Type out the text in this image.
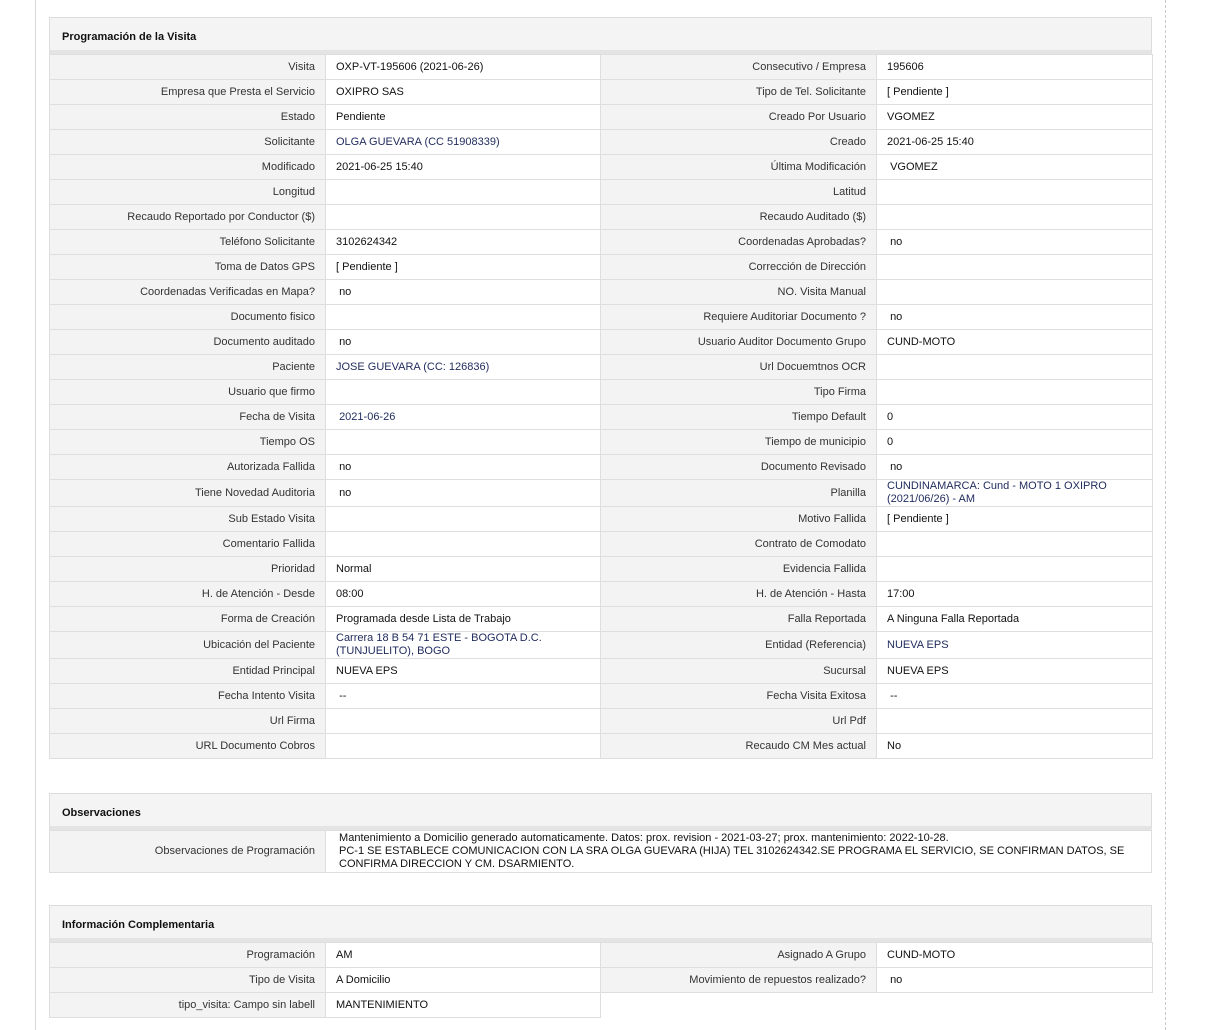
Programación de la Visita
Visita	OXP-VT-195606 (2021-06-26)	Consecutivo / Empresa	195606
Empresa que Presta el Servicio	OXIPRO SAS	Tipo de Tel. Solicitante	[ Pendiente ]
Estado	Pendiente	Creado Por Usuario	VGOMEZ
Solicitante	OLGA GUEVARA (CC 51908339)	Creado	2021-06-25 15:40
Modificado	2021-06-25 15:40	Última Modificación	VGOMEZ
Longitud		Latitud	
Recaudo Reportado por Conductor ($)		Recaudo Auditado ($)	
Teléfono Solicitante	3102624342	Coordenadas Aprobadas?	no
Toma de Datos GPS	[ Pendiente ]	Corrección de Dirección	
Coordenadas Verificadas en Mapa?	no	NO. Visita Manual	
Documento fisico		Requiere Auditoriar Documento ?	no
Documento auditado	no	Usuario Auditor Documento Grupo	CUND-MOTO
Paciente	JOSE GUEVARA (CC: 126836)	Url Docuemtnos OCR	
Usuario que firmo		Tipo Firma	
Fecha de Visita	2021-06-26	Tiempo Default	0
Tiempo OS		Tiempo de municipio	0
Autorizada Fallida	no	Documento Revisado	no
Tiene Novedad Auditoria	no	Planilla	CUNDINAMARCA: Cund - MOTO 1 OXIPRO (2021/06/26) - AM
Sub Estado Visita		Motivo Fallida	[ Pendiente ]
Comentario Fallida		Contrato de Comodato	
Prioridad	Normal	Evidencia Fallida	
H. de Atención - Desde	08:00	H. de Atención - Hasta	17:00
Forma de Creación	Programada desde Lista de Trabajo	Falla Reportada	A Ninguna Falla Reportada
Ubicación del Paciente	Carrera 18 B 54 71 ESTE - BOGOTA D.C. (TUNJUELITO), BOGO	Entidad (Referencia)	NUEVA EPS
Entidad Principal	NUEVA EPS	Sucursal	NUEVA EPS
Fecha Intento Visita	--	Fecha Visita Exitosa	--
Url Firma		Url Pdf	
URL Documento Cobros		Recaudo CM Mes actual	No
Observaciones
Observaciones de Programación	
Mantenimiento a Domicilio generado automaticamente. Datos: prox. revision - 2021-03-27; prox. mantenimiento: 2022-10-28.
PC-1 SE ESTABLECE COMUNICACION CON LA SRA OLGA GUEVARA (HIJA) TEL 3102624342.SE PROGRAMA EL SERVICIO, SE CONFIRMAN DATOS, SE CONFIRMA DIRECCION Y CM. DSARMIENTO.
Información Complementaria
Programación	AM	Asignado A Grupo	CUND-MOTO
Tipo de Visita	A Domicilio	Movimiento de repuestos realizado?	no
tipo_visita: Campo sin labell	MANTENIMIENTO		
